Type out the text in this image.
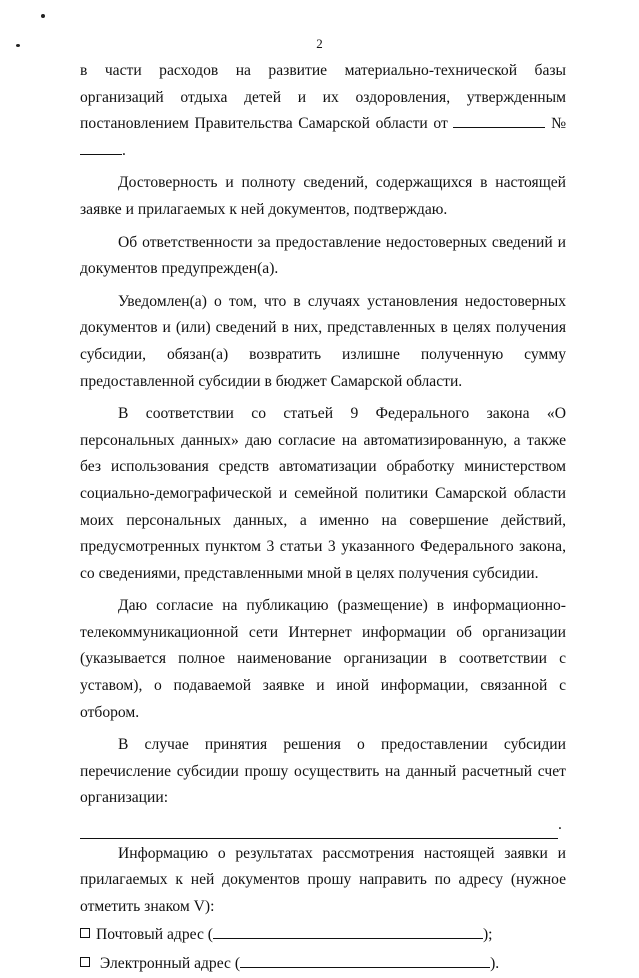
2

в части расходов на развитие материально-технической базы организаций отдыха детей и их оздоровления, утвержденным постановлением Правительства Самарской области от	№.

Достоверность и полноту сведений, содержащихся в настоящей заявке и прилагаемых к ней документов, подтверждаю.

Об ответственности за предоставление недостоверных сведений и документов предупрежден(а).

Уведомлен(а) о том, что в случаях установления недостоверных документов и (или) сведений в них, представленных в целях получения субсидии, обязан(а) возвратить излишне полученную сумму предоставленной субсидии в бюджет Самарской области.

В соответствии со статьей 9 Федерального закона «О персональных данных» даю согласие на автоматизированную, а также без использования средств автоматизации обработку министерством социально-демографической и семейной политики Самарской области моих персональных данных, а именно на совершение действий, предусмотренных пунктом 3 статьи 3 указанного Федерального закона, со сведениями, представленными мной в целях получения субсидии.

Даю согласие на публикацию (размещение) в информационно-телекоммуникационной сети Интернет информации об организации (указывается полное наименование организации в соответствии с уставом), о подаваемой заявке и иной информации, связанной с отбором.

В случае принятия решения о предоставлении субсидии перечисление субсидии прошу осуществить на данный расчетный счет организации:

.

Информацию о результатах рассмотрения настоящей заявки и прилагаемых к ней документов прошу направить по адресу (нужное отметить знаком V):

Почтовый адрес (	);

Электронный адрес (	).
